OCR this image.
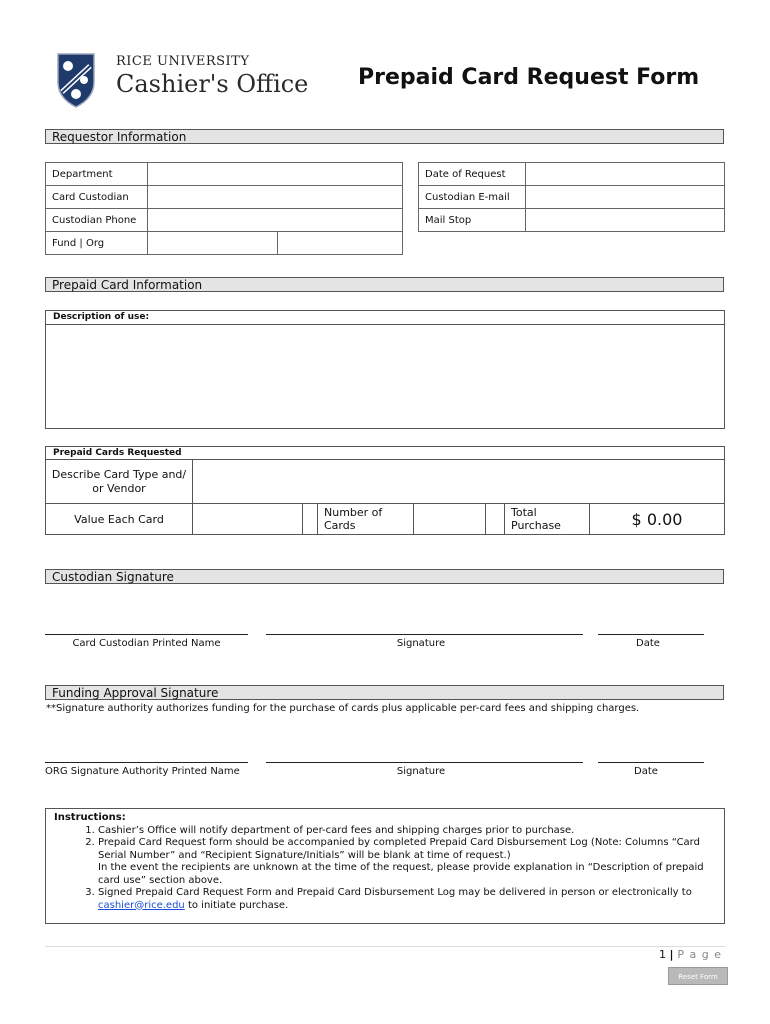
RICE UNIVERSITY
Cashier's Office Prepaid Card Request Form
Requestor Information
Department		
Card Custodian		
Custodian Phone		
Fund | Org		
Date of Request	
Custodian E-mail	
Mail Stop	
Prepaid Card Information
Description of use:
Prepaid Cards Requested
Describe Card Type and/ or Vendor
Value Each Card	Number of Cards
Total Purchase	$ 0.00
Custodian Signature
Card Custodian Printed Name	Signature	Date
Funding Approval Signature
**Signature authority authorizes funding for the purchase of cards plus applicable per-card fees and shipping charges.
ORG Signature Authority Printed Name	Signature	Date
Instructions:
1. Cashier’s Office will notify department of per-card fees and shipping charges prior to purchase.
2. Prepaid Card Request form should be accompanied by completed Prepaid Card Disbursement Log (Note: Columns “Card Serial Number” and “Recipient Signature/Initials” will be blank at time of request.)
In the event the recipients are unknown at the time of the request, please provide explanation in “Description of prepaid card use” section above.
3. Signed Prepaid Card Request Form and Prepaid Card Disbursement Log may be delivered in person or electronically to cashier@rice.edu to initiate purchase.
1 | P a g e
Reset Form
